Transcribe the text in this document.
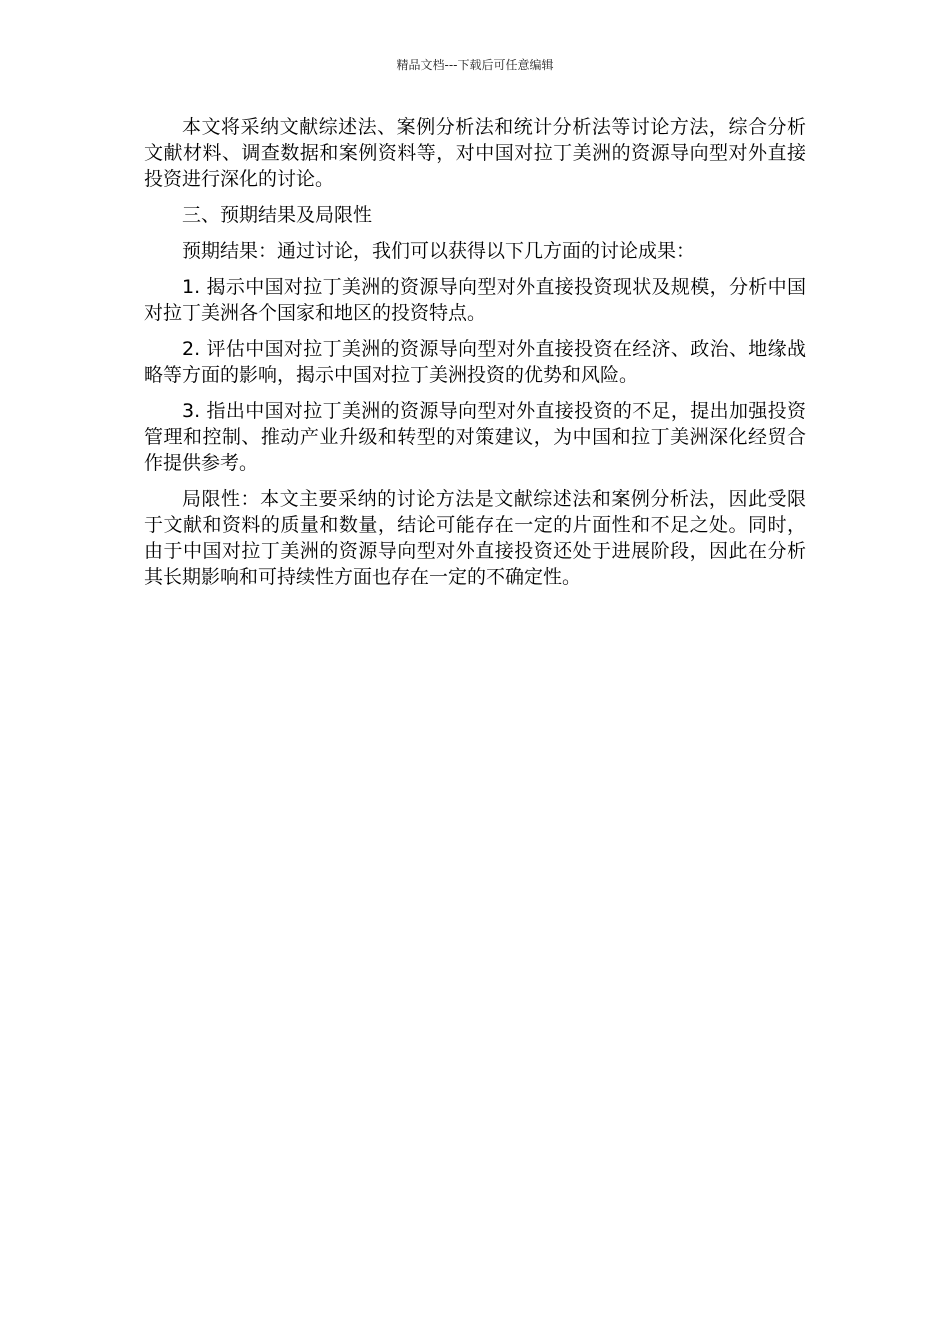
精品文档---下载后可任意编辑

本文将采纳文献综述法、案例分析法和统计分析法等讨论方法，综合分析文献材料、调查数据和案例资料等，对中国对拉丁美洲的资源导向型对外直接投资进行深化的讨论。

三、预期结果及局限性

预期结果：通过讨论，我们可以获得以下几方面的讨论成果：

1. 揭示中国对拉丁美洲的资源导向型对外直接投资现状及规模，分析中国对拉丁美洲各个国家和地区的投资特点。

2. 评估中国对拉丁美洲的资源导向型对外直接投资在经济、政治、地缘战略等方面的影响，揭示中国对拉丁美洲投资的优势和风险。

3. 指出中国对拉丁美洲的资源导向型对外直接投资的不足，提出加强投资管理和控制、推动产业升级和转型的对策建议，为中国和拉丁美洲深化经贸合作提供参考。

局限性：本文主要采纳的讨论方法是文献综述法和案例分析法，因此受限于文献和资料的质量和数量，结论可能存在一定的片面性和不足之处。同时，由于中国对拉丁美洲的资源导向型对外直接投资还处于进展阶段，因此在分析其长期影响和可持续性方面也存在一定的不确定性。
